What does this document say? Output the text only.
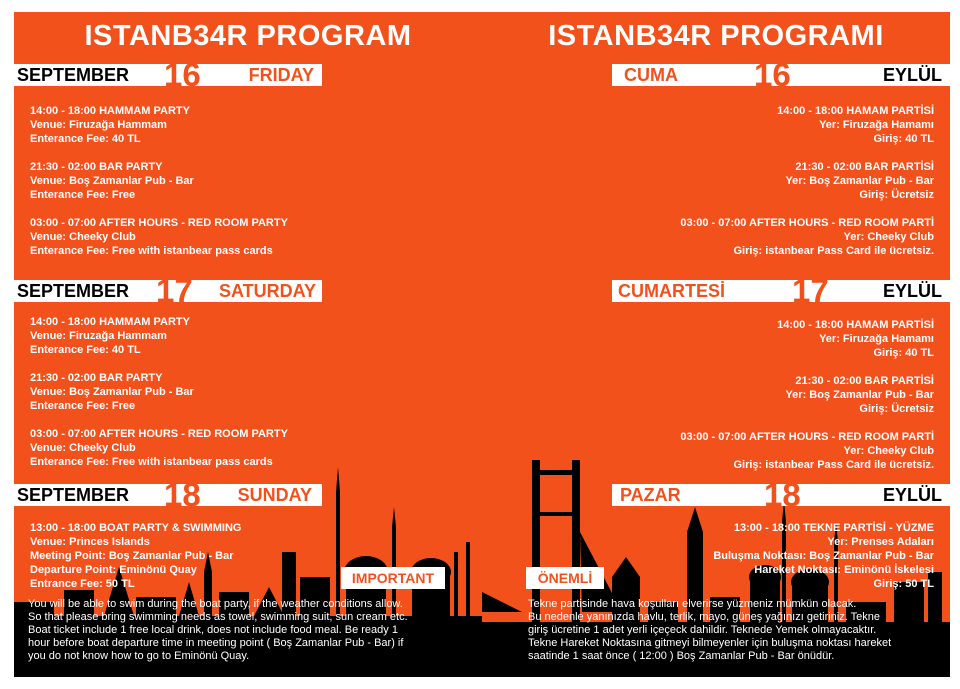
ISTANB34R PROGRAM
SEPTEMBER 16	FRIDAY
14:00 - 18:00 HAMMAM PARTY
Venue: Firuzağa Hammam
Enterance Fee: 40 TL
21:30 - 02:00 BAR PARTY
Venue: Boş Zamanlar Pub - Bar
Enterance Fee: Free
03:00 - 07:00 AFTER HOURS - RED ROOM PARTY
Venue: Cheeky Club
Enterance Fee: Free with istanbear pass cards
SEPTEMBER 17 SATURDAY
14:00 - 18:00 HAMMAM PARTY
Venue: Firuzağa Hammam
Enterance Fee: 40 TL
21:30 - 02:00 BAR PARTY
Venue: Boş Zamanlar Pub - Bar
Enterance Fee: Free
03:00 - 07:00 AFTER HOURS - RED ROOM PARTY
Venue: Cheeky Club
Enterance Fee: Free with istanbear pass cards
SEPTEMBER 18 SUNDAY
13:00 - 18:00 BOAT PARTY & SWIMMING
Venue: Princes Islands
Meeting Point: Boş Zamanlar Pub - Bar
Departure Point: Eminönü Quay
Entrance Fee: 50 TL	IMPORTANT
You will be able to swim during the boat party, if the weather conditions allow.
So that please bring swimming needs as towel, swimming suit, sun cream etc.
Boat ticket include 1 free local drink, does not include food meal. Be ready 1
hour before boat departure time in meeting point ( Boş Zamanlar Pub - Bar) if
you do not know how to go to Eminönü Quay.
ISTANB34R PROGRAMI
CUMA 16	EYLÜL
14:00 - 18:00 HAMAM PARTİSİ
Yer: Firuzağa Hamamı
Giriş: 40 TL
21:30 - 02:00 BAR PARTİSİ
Yer: Boş Zamanlar Pub - Bar
Giriş: Ücretsiz
03:00 - 07:00 AFTER HOURS - RED ROOM PARTİ
Yer: Cheeky Club
Giriş: istanbear Pass Card ile ücretsiz.
CUMARTESİ 17	EYLÜL
14:00 - 18:00 HAMAM PARTİSİ
Yer: Firuzağa Hamamı
Giriş: 40 TL
21:30 - 02:00 BAR PARTİSİ
Yer: Boş Zamanlar Pub - Bar
Giriş: Ücretsiz
03:00 - 07:00 AFTER HOURS - RED ROOM PARTİ
Yer: Cheeky Club
Giriş: istanbear Pass Card ile ücretsiz.
PAZAR	18	EYLÜL
13:00 - 18:00 TEKNE PARTİSİ - YÜZME
Yer: Prenses Adaları
Buluşma Noktası: Boş Zamanlar Pub - Bar
Hareket Noktası: Eminönü İskelesi
Giriş: 50 TL
ÖNEMLİ
Tekne partisinde hava koşulları elverirse yüzmeniz mümkün olacak.
Bu nedenle yanınızda havlu, terlik, mayo, güneş yağınızı getiriniz. Tekne
giriş ücretine 1 adet yerli içeçeck dahildir. Teknede Yemek olmayacaktır.
Tekne Hareket Noktasına gitmeyi bilmeyenler için buluşma noktası hareket
saatinde 1 saat önce ( 12:00 ) Boş Zamanlar Pub - Bar önüdür.
